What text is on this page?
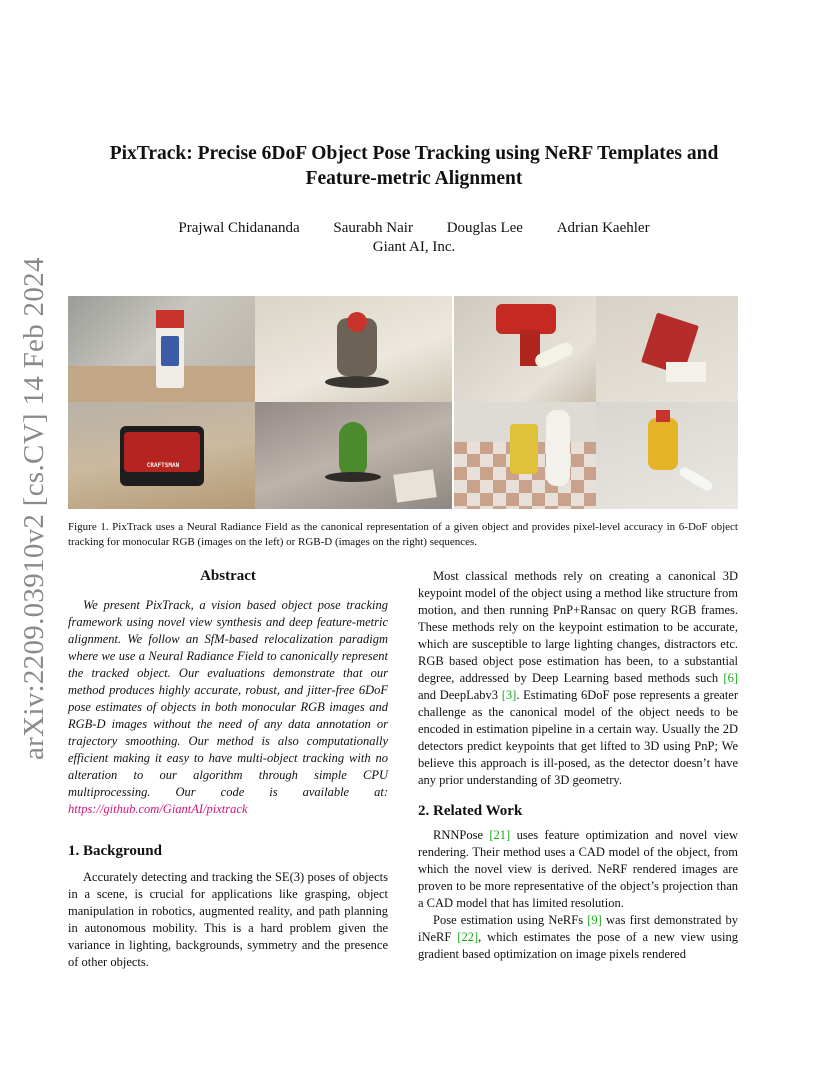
arXiv:2209.03910v2 [cs.CV] 14 Feb 2024
PixTrack: Precise 6DoF Object Pose Tracking using NeRF Templates and
Feature-metric Alignment
Prajwal Chidananda Saurabh Nair Douglas Lee Adrian Kaehler
Giant AI, Inc.
CRAFTSMAN
Figure 1. PixTrack uses a Neural Radiance Field as the canonical representation of a given object and provides pixel-level accuracy in 6-DoF object tracking for monocular RGB (images on the left) or RGB-D (images on the right) sequences.
Abstract

We present PixTrack, a vision based object pose tracking framework using novel view synthesis and deep feature-metric alignment. We follow an SfM-based relocalization paradigm where we use a Neural Radiance Field to canonically represent the tracked object. Our evaluations demonstrate that our method produces highly accurate, robust, and jitter-free 6DoF pose estimates of objects in both monocular RGB images and RGB-D images without the need of any data annotation or trajectory smoothing. Our method is also computationally efficient making it easy to have multi-object tracking with no alteration to our algorithm through simple CPU multiprocessing. Our code is available at: https://github.com/GiantAI/pixtrack

1. Background

Accurately detecting and tracking the SE(3) poses of objects in a scene, is crucial for applications like grasping, object manipulation in robotics, augmented reality, and path planning in autonomous mobility. This is a hard problem given the variance in lighting, backgrounds, symmetry and the presence of other objects.

Most classical methods rely on creating a canonical 3D keypoint model of the object using a method like structure from motion, and then running PnP+Ransac on query RGB frames. These methods rely on the keypoint estimation to be accurate, which are susceptible to large lighting changes, distractors etc. RGB based object pose estimation has been, to a substantial degree, addressed by Deep Learning based methods such [6] and DeepLabv3 [3]. Estimating 6DoF pose represents a greater challenge as the canonical model of the object needs to be encoded in estimation pipeline in a certain way. Usually the 2D detectors predict keypoints that get lifted to 3D using PnP; We believe this approach is ill-posed, as the detector doesn’t have any prior understanding of 3D geometry.

2. Related Work

RNNPose [21] uses feature optimization and novel view rendering. Their method uses a CAD model of the object, from which the novel view is derived. NeRF rendered images are proven to be more representative of the object’s projection than a CAD model that has limited resolution.

Pose estimation using NeRFs [9] was first demonstrated by iNeRF [22], which estimates the pose of a new view using gradient based optimization on image pixels rendered
